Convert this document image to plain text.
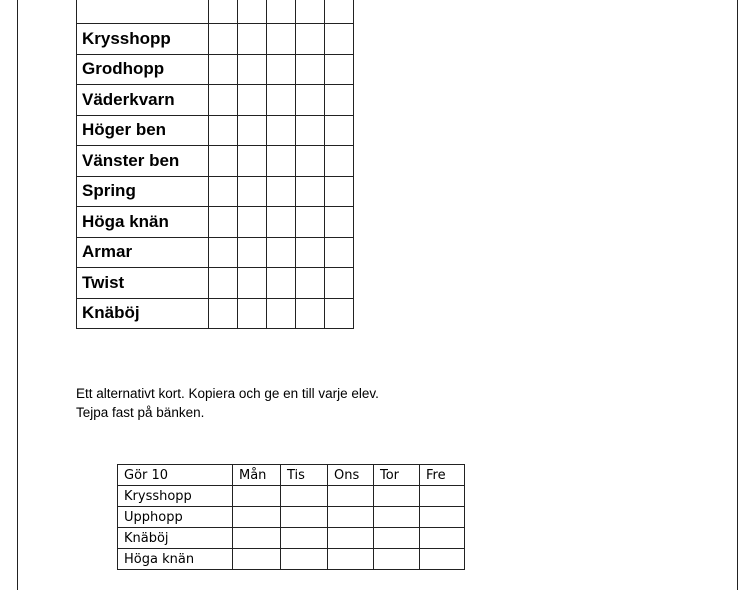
Krysshopp					
Grodhopp					
Väderkvarn					
Höger ben					
Vänster ben					
Spring					
Höga knän					
Armar					
Twist					
Knäböj					
Ett alternativt kort. Kopiera och ge en till varje elev.
Tejpa fast på bänken.
Gör 10	Mån	Tis	Ons	Tor	Fre
Krysshopp					
Upphopp					
Knäböj					
Höga knän					
